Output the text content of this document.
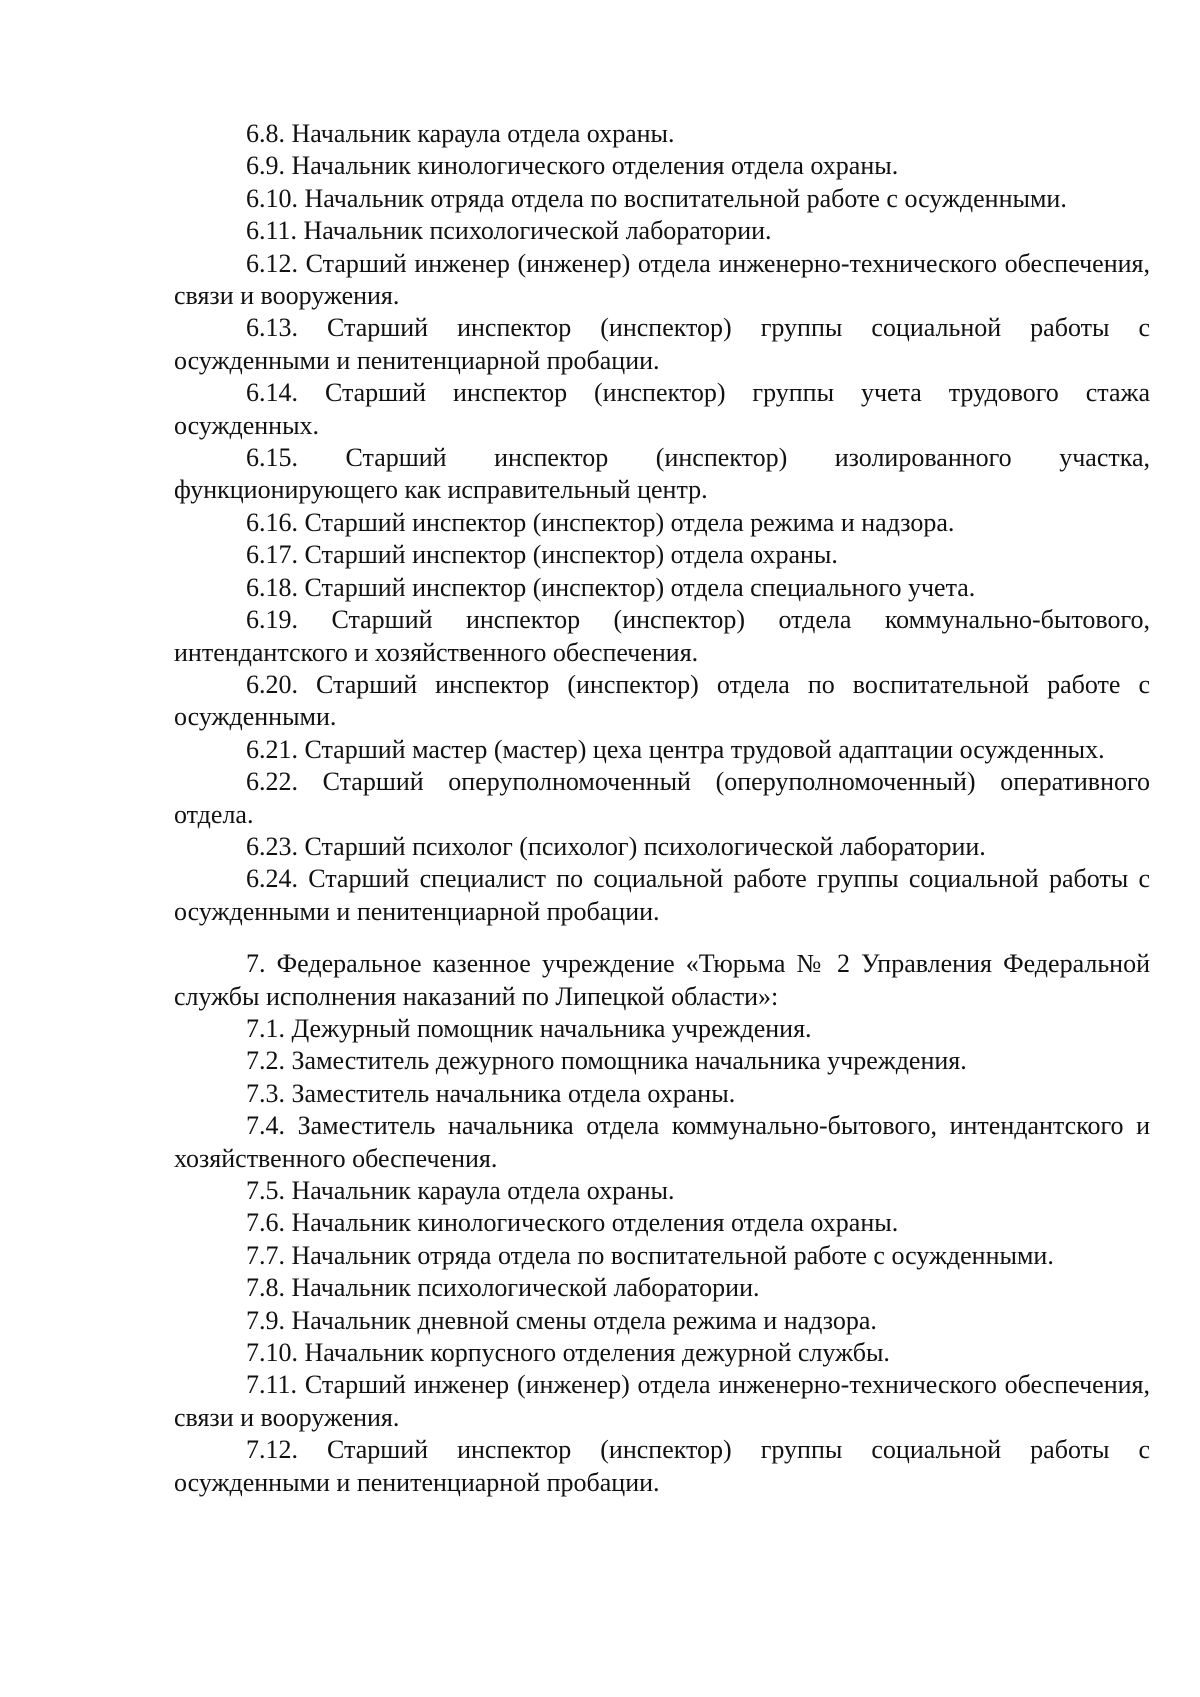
6.8. Начальник караула отдела охраны.

6.9. Начальник кинологического отделения отдела охраны.

6.10. Начальник отряда отдела по воспитательной работе с осужденными.

6.11. Начальник психологической лаборатории.

6.12. Старший инженер (инженер) отдела инженерно-технического обеспечения, связи и вооружения.

6.13. Старший инспектор (инспектор) группы социальной работы с осужденными и пенитенциарной пробации.

6.14. Старший инспектор (инспектор) группы учета трудового стажа осужденных.

6.15. Старший инспектор (инспектор) изолированного участка, функционирующего как исправительный центр.

6.16. Старший инспектор (инспектор) отдела режима и надзора.

6.17. Старший инспектор (инспектор) отдела охраны.

6.18. Старший инспектор (инспектор) отдела специального учета.

6.19. Старший инспектор (инспектор) отдела коммунально-бытового, интендантского и хозяйственного обеспечения.

6.20. Старший инспектор (инспектор) отдела по воспитательной работе с осужденными.

6.21. Старший мастер (мастер) цеха центра трудовой адаптации осужденных.

6.22. Старший оперуполномоченный (оперуполномоченный) оперативного отдела.

6.23. Старший психолог (психолог) психологической лаборатории.

6.24. Старший специалист по социальной работе группы социальной работы с осужденными и пенитенциарной пробации.

7. Федеральное казенное учреждение «Тюрьма № 2 Управления Федеральной службы исполнения наказаний по Липецкой области»:

7.1. Дежурный помощник начальника учреждения.

7.2. Заместитель дежурного помощника начальника учреждения.

7.3. Заместитель начальника отдела охраны.

7.4. Заместитель начальника отдела коммунально-бытового, интендантского и хозяйственного обеспечения.

7.5. Начальник караула отдела охраны.

7.6. Начальник кинологического отделения отдела охраны.

7.7. Начальник отряда отдела по воспитательной работе с осужденными.

7.8. Начальник психологической лаборатории.

7.9. Начальник дневной смены отдела режима и надзора.

7.10. Начальник корпусного отделения дежурной службы.

7.11. Старший инженер (инженер) отдела инженерно-технического обеспечения, связи и вооружения.

7.12. Старший инспектор (инспектор) группы социальной работы с осужденными и пенитенциарной пробации.
